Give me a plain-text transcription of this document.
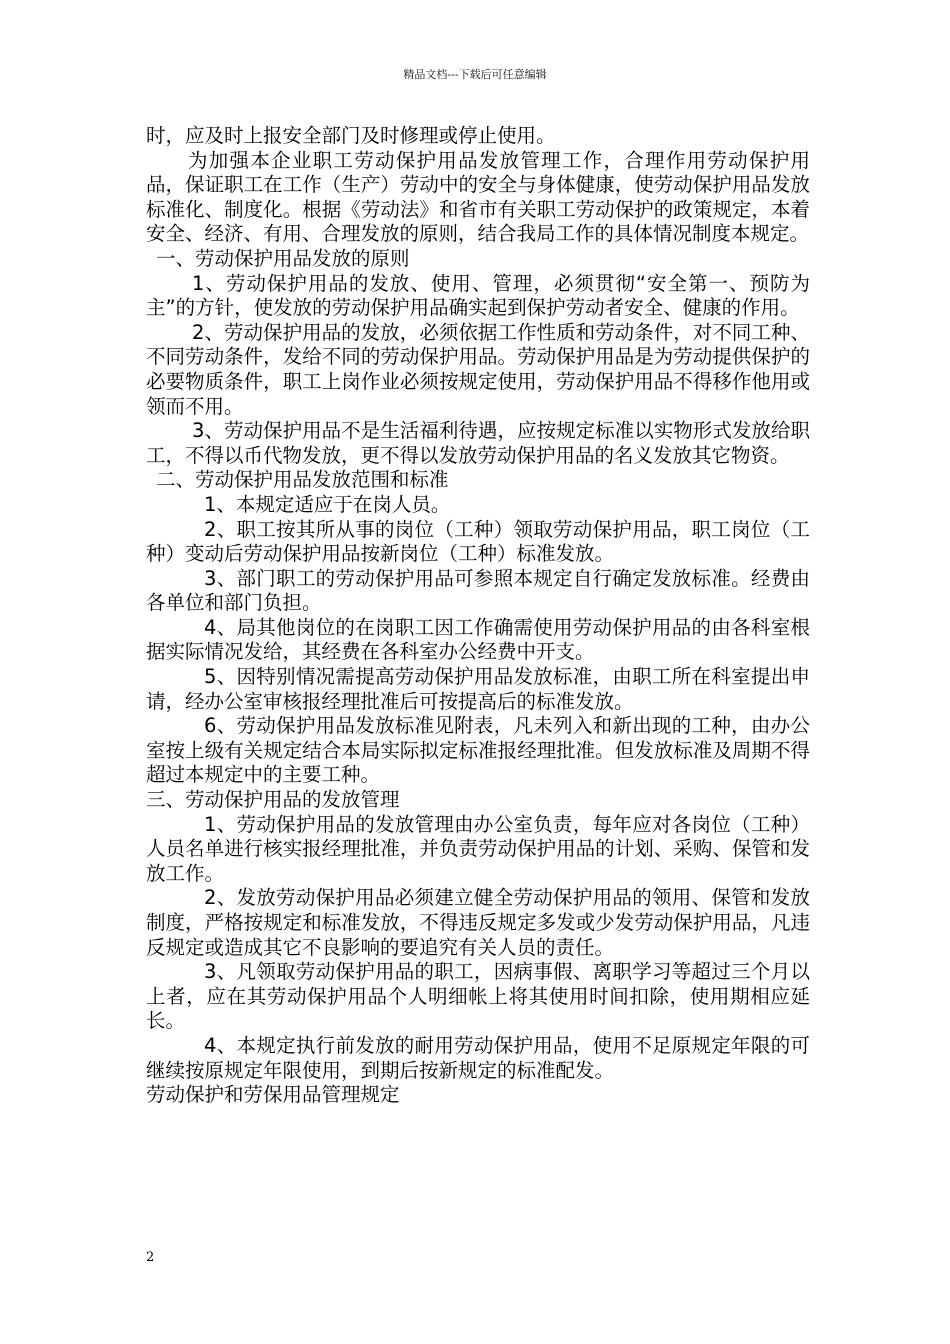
精品文档---下载后可任意编辑

时，应及时上报安全部门及时修理或停止使用。

为加强本企业职工劳动保护用品发放管理工作，合理作用劳动保护用品，保证职工在工作（生产）劳动中的安全与身体健康，使劳动保护用品发放标准化、制度化。根据《劳动法》和省市有关职工劳动保护的政策规定，本着安全、经济、有用、合理发放的原则，结合我局工作的具体情况制度本规定。

一、劳动保护用品发放的原则

1、劳动保护用品的发放、使用、管理，必须贯彻“安全第一、预防为主”的方针，使发放的劳动保护用品确实起到保护劳动者安全、健康的作用。

2、劳动保护用品的发放，必须依据工作性质和劳动条件，对不同工种、不同劳动条件，发给不同的劳动保护用品。劳动保护用品是为劳动提供保护的必要物质条件，职工上岗作业必须按规定使用，劳动保护用品不得移作他用或领而不用。

3、劳动保护用品不是生活福利待遇，应按规定标准以实物形式发放给职工，不得以币代物发放，更不得以发放劳动保护用品的名义发放其它物资。

二、劳动保护用品发放范围和标准

1、本规定适应于在岗人员。

2、职工按其所从事的岗位（工种）领取劳动保护用品，职工岗位（工种）变动后劳动保护用品按新岗位（工种）标准发放。

3、部门职工的劳动保护用品可参照本规定自行确定发放标准。经费由各单位和部门负担。

4、局其他岗位的在岗职工因工作确需使用劳动保护用品的由各科室根据实际情况发给，其经费在各科室办公经费中开支。

5、因特别情况需提高劳动保护用品发放标准，由职工所在科室提出申请，经办公室审核报经理批准后可按提高后的标准发放。

6、劳动保护用品发放标准见附表，凡未列入和新出现的工种，由办公室按上级有关规定结合本局实际拟定标准报经理批准。但发放标准及周期不得超过本规定中的主要工种。

三、劳动保护用品的发放管理

1、劳动保护用品的发放管理由办公室负责，每年应对各岗位（工种）人员名单进行核实报经理批准，并负责劳动保护用品的计划、采购、保管和发放工作。

2、发放劳动保护用品必须建立健全劳动保护用品的领用、保管和发放制度，严格按规定和标准发放，不得违反规定多发或少发劳动保护用品，凡违反规定或造成其它不良影响的要追究有关人员的责任。

3、凡领取劳动保护用品的职工，因病事假、离职学习等超过三个月以上者，应在其劳动保护用品个人明细帐上将其使用时间扣除，使用期相应延长。

4、本规定执行前发放的耐用劳动保护用品，使用不足原规定年限的可继续按原规定年限使用，到期后按新规定的标准配发。

劳动保护和劳保用品管理规定

2
